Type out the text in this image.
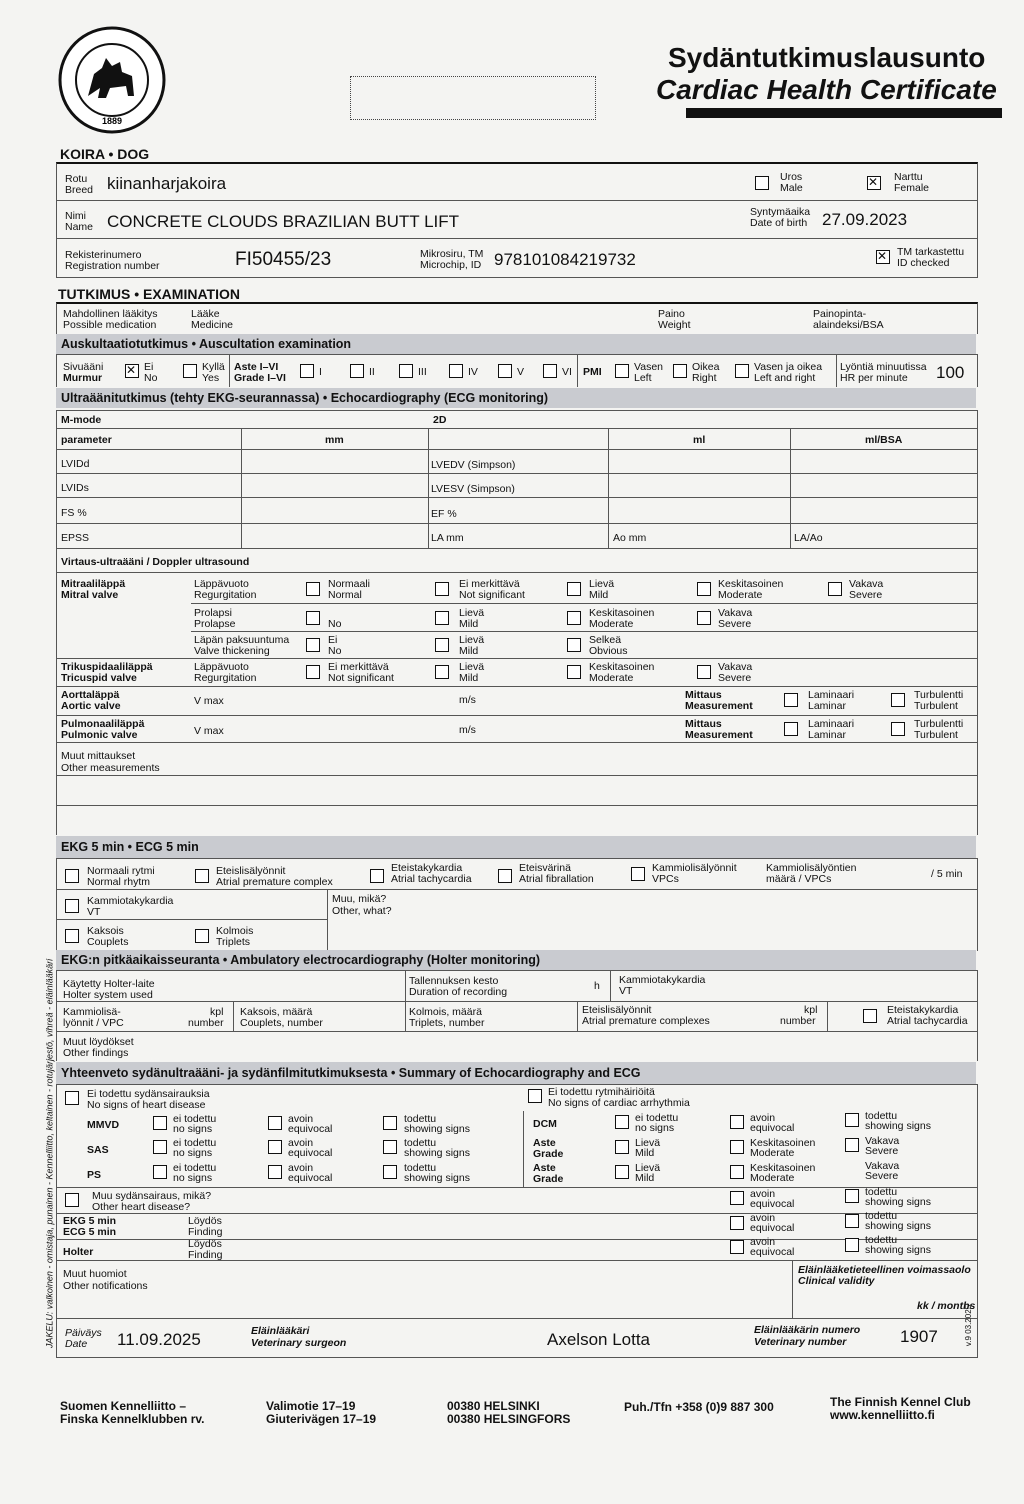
1889
Sydäntutkimuslausunto
Cardiac Health Certificate
KOIRA • DOG
Rotu
Breed kiinanharjakoira	Uros
Male
✕
Narttu
Female
Nimi
Name CONCRETE CLOUDS BRAZILIAN BUTT LIFT	Syntymäaika
Date of birth 27.09.2023
Rekisterinumero
Registration number	FI50455/23	Mikrosiru, TM
Microchip, ID 978101084219732
✕	TM tarkastettu
ID checked
TUTKIMUS • EXAMINATION
Mahdollinen lääkitys
Possible medication
Lääke
Medicine
Paino
Weight
Painopinta-
alaindeksi/BSA
Auskultaatiotutkimus • Auscultation examination
Sivuääni
Murmur
✕
Ei
No
Kyllä
Yes
Aste I–VI
Grade I–VI	I	II	III	IV	V	VI PMI	Vasen
Left
Oikea
Right
Vasen ja oikea
Left and right
Lyöntiä minuutissa
HR per minute 100
Ultraäänitutkimus (tehty EKG-seurannassa) • Echocardiography (ECG monitoring)
M-mode	2D
parameter	mm	ml	ml/BSA
LVIDd	LVEDV (Simpson)
LVIDs	LVESV (Simpson)
FS %	EF %
EPSS	LA mm	Ao mm	LA/Ao
Virtaus-ultraääni / Doppler ultrasound
Mitraaliläppä
Mitral valve
Läppävuoto
Regurgitation
Normaali
Normal
Ei merkittävä
Not significant
Lievä
Mild
Keskitasoinen
Moderate
Vakava
Severe
Prolapsi
Prolapse	No
Lievä
Mild
Keskitasoinen
Moderate
Vakava
Severe
Läpän paksuuntuma
Valve thickening
Ei
No
Lievä
Mild
Selkeä
Obvious
Trikuspidaaliläppä
Tricuspid valve
Läppävuoto
Regurgitation
Ei merkittävä
Not significant
Lievä
Mild
Keskitasoinen
Moderate
Vakava
Severe
Aorttaläppä
Aortic valve	V max	m/s	Mittaus
Measurement
Laminaari
Laminar
Turbulentti
Turbulent
Pulmonaaliläppä
Pulmonic valve	V max	m/s	Mittaus
Measurement
Laminaari
Laminar
Turbulentti
Turbulent
Muut mittaukset
Other measurements
EKG 5 min • ECG 5 min
Normaali rytmi
Normal rhytm
Eteislisälyönnit
Atrial premature complex
Eteistakykardia
Atrial tachycardia
Eteisvärinä
Atrial fibrallation
Kammiolisälyönnit
VPCs
Kammiolisälyöntien
määrä / VPCs	/ 5 min
Kammiotakykardia
VT
Muu, mikä?
Other, what?
Kaksois
Couplets
Kolmois
Triplets
EKG:n pitkäaikaisseuranta • Ambulatory electrocardiography (Holter monitoring)
Käytetty Holter-laite
Holter system used
Tallennuksen kesto
Duration of recording	h Kammiotakykardia
VT
Kammiolisä-
lyönnit / VPC
kpl
number
Kaksois, määrä
Couplets, number
Kolmois, määrä
Triplets, number
Eteislisälyönnit
Atrial premature complexes
kpl
number
Eteistakykardia
Atrial tachycardia
Muut löydökset
Other findings
Yhteenveto sydänultraääni- ja sydänfilmitutkimuksesta • Summary of Echocardiography and ECG
Ei todettu sydänsairauksia
No signs of heart disease
Ei todettu rytmihäiriöitä
No signs of cardiac arrhythmia
MMVD	ei todettu
no signs
avoin
equivocal
todettu
showing signs
SAS
ei todettu
no signs
avoin
equivocal
todettu
showing signs
PS
ei todettu
no signs
avoin
equivocal
todettu
showing signs
DCM	ei todettu
no signs
avoin
equivocal
todettu
showing signs
Aste
Grade
Lievä
Mild
Keskitasoinen
Moderate
Vakava
Severe
Aste
Grade
Lievä
Mild
Keskitasoinen
Moderate
Vakava
Severe
Muu sydänsairaus, mikä?
Other heart disease?
avoin
equivocal
todettu
showing signs
EKG 5 min
ECG 5 min
Löydös
Finding
avoin
equivocal
todettu
showing signs
Holter
Löydös
Finding
avoin
equivocal
todettu
showing signs
Muut huomiot
Other notifications
Eläinlääketieteellinen voimassaolo
Clinical validity
kk / months
Päiväys
Date 11.09.2025	Eläinlääkäri
Veterinary surgeon	Axelson Lotta	Eläinlääkärin numero
Veterinary number	1907
JAKELU: valkoinen - omistaja, punainen - Kennelliitto, keltainen - rotujärjestö, vihreä - eläinlääkäri	v.9 03.2025
Suomen Kennelliitto –
Finska Kennelklubben rv.
Valimotie 17–19
Giuterivägen 17–19
00380 HELSINKI
00380 HELSINGFORS
Puh./Tfn +358 (0)9 887 300	The Finnish Kennel Club
www.kennelliitto.fi
